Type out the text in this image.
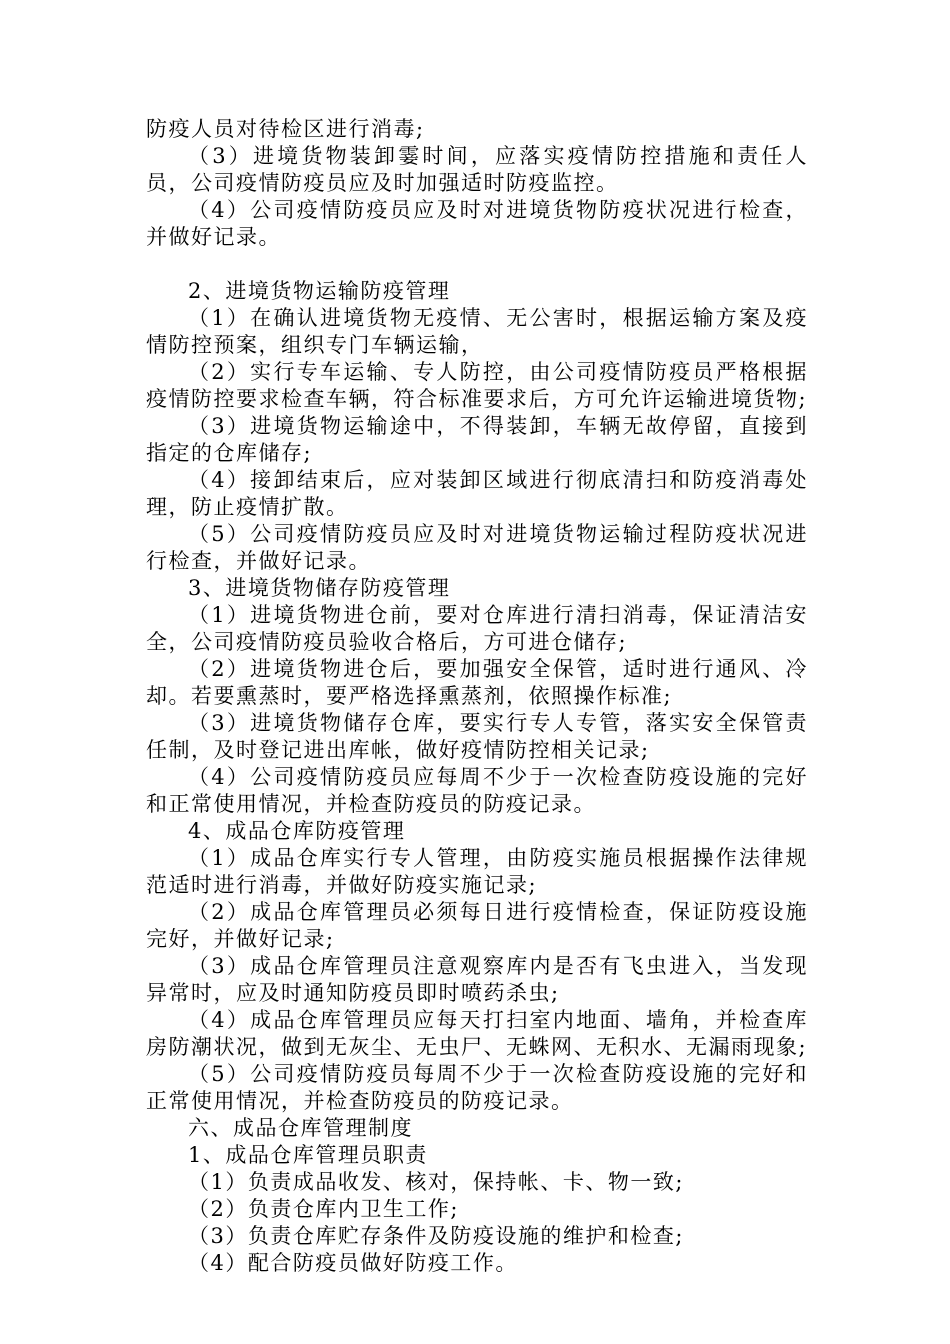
防疫人员对待检区进行消毒;

（3）进境货物装卸霎时间，应落实疫情防控措施和责任人员，公司疫情防疫员应及时加强适时防疫监控。

（4）公司疫情防疫员应及时对进境货物防疫状况进行检查，并做好记录。

2、进境货物运输防疫管理

（1）在确认进境货物无疫情、无公害时，根据运输方案及疫情防控预案，组织专门车辆运输，

（2）实行专车运输、专人防控，由公司疫情防疫员严格根据疫情防控要求检查车辆，符合标准要求后，方可允许运输进境货物;

（3）进境货物运输途中，不得装卸，车辆无故停留，直接到指定的仓库储存;

（4）接卸结束后，应对装卸区域进行彻底清扫和防疫消毒处理，防止疫情扩散。

（5）公司疫情防疫员应及时对进境货物运输过程防疫状况进行检查，并做好记录。

3、进境货物储存防疫管理

（1）进境货物进仓前，要对仓库进行清扫消毒，保证清洁安全，公司疫情防疫员验收合格后，方可进仓储存;

（2）进境货物进仓后，要加强安全保管，适时进行通风、冷却。若要熏蒸时，要严格选择熏蒸剂，依照操作标准;

（3）进境货物储存仓库，要实行专人专管，落实安全保管责任制，及时登记进出库帐，做好疫情防控相关记录;

（4）公司疫情防疫员应每周不少于一次检查防疫设施的完好和正常使用情况，并检查防疫员的防疫记录。

4、成品仓库防疫管理

（1）成品仓库实行专人管理，由防疫实施员根据操作法律规范适时进行消毒，并做好防疫实施记录;

（2）成品仓库管理员必须每日进行疫情检查，保证防疫设施完好，并做好记录;

（3）成品仓库管理员注意观察库内是否有飞虫进入，当发现异常时，应及时通知防疫员即时喷药杀虫;

（4）成品仓库管理员应每天打扫室内地面、墙角，并检查库房防潮状况，做到无灰尘、无虫尸、无蛛网、无积水、无漏雨现象;

（5）公司疫情防疫员每周不少于一次检查防疫设施的完好和正常使用情况，并检查防疫员的防疫记录。

六、成品仓库管理制度

1、成品仓库管理员职责

（1）负责成品收发、核对，保持帐、卡、物一致;

（2）负责仓库内卫生工作;

（3）负责仓库贮存条件及防疫设施的维护和检查;

（4）配合防疫员做好防疫工作。
